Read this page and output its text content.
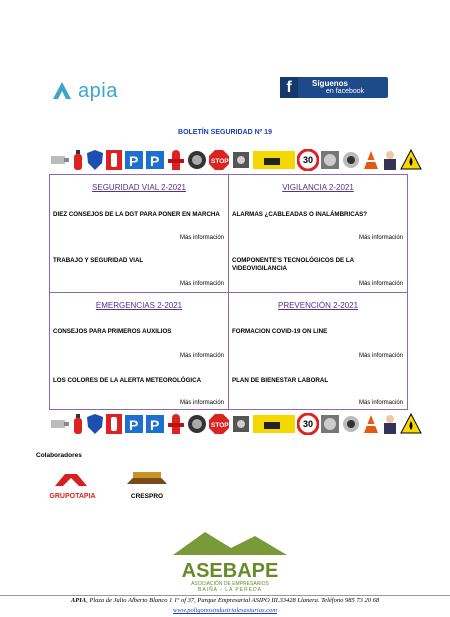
apia	f	Síguenos
en facebook
BOLETÍN SEGURIDAD Nº 19
P P	STOP	30
SEGURIDAD VIAL 2-2021
DIEZ CONSEJOS DE LA DGT PARA PONER EN MARCHA
Más información
TRABAJO Y SEGURIDAD VIAL
Más información
VIGILANCIA 2-2021
ALARMAS ¿CABLEADAS O INALÁMBRICAS?
Más información
COMPONENTE'S TECNOLÓGICOS DE LA VIDEOVIGILANCIA
Más información
EMERGENCIAS 2-2021
CONSEJOS PARA PRIMEROS AUXILIOS
Más información
LOS COLORES DE LA ALERTA METEOROLÓGICA
Más información
PREVENCIÓN 2-2021
FORMACION COVID-19 ON LINE
Más información
PLAN DE BIENESTAR LABORAL
Más información
P P	STOP	30
Colaboradores
GRUPOTAPIA	CRESPRO
ASEBAPE
ASOCIACIÓN DE EMPRESARIOS
BAIÑA - LA PEREDA
APIA, Plaza de Julio Alberto Blanco 1 1º of 37, Parque Empresarial ASIPO III.33428 Llanera. Teléfono 985 73 20 68
www.poligonosindustrialesasturias.com
